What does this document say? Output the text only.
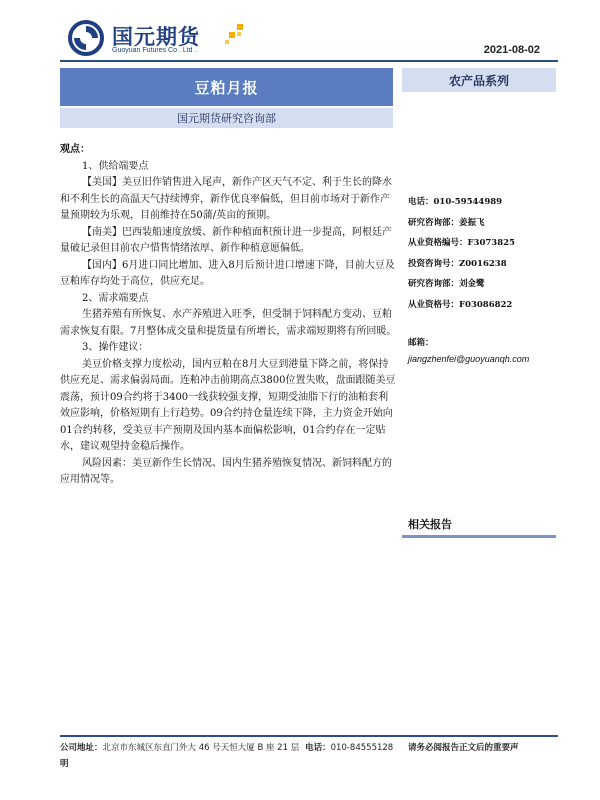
国元期货
Guoyuan Futures Co . Ltd .	2021-08-02
豆粕月报
国元期货研究咨询部
农产品系列

观点：

1、供给端要点

【美国】美豆旧作销售进入尾声，新作产区天气不定、利于生长的降水和不利生长的高温天气持续博弈，新作优良率偏低，但目前市场对于新作产量预期较为乐观，目前维持在50蒲/英亩的预期。

【南美】巴西装船速度放缓、新作种植面积预计进一步提高，阿根廷产量破记录但目前农户惜售情绪浓厚、新作种植意愿偏低。

【国内】6月进口同比增加、进入8月后预计进口增速下降，目前大豆及豆粕库存均处于高位，供应充足。

2、需求端要点

生猪养殖有所恢复、水产养殖进入旺季，但受制于饲料配方变动、豆粕需求恢复有限。7月整体成交量和提货量有所增长，需求端短期将有所回暖。

3、操作建议：

美豆价格支撑力度松动，国内豆粕在8月大豆到港量下降之前，将保持供应充足、需求偏弱局面。连粕冲击前期高点3800位置失败，盘面跟随美豆震荡，预计09合约将于3400一线获较强支撑，短期受油脂下行的油粕套利效应影响，价格短期有上行趋势。09合约持仓量连续下降，主力资金开始向01合约转移，受美豆丰产预期及国内基本面偏松影响，01合约存在一定贴水，建议观望持金稳后操作。

风险因素：美豆新作生长情况、国内生猪养殖恢复情况、新饲料配方的应用情况等。

电话：010-59544989
研究咨询部：姜振飞
从业资格编号：F3073825
投资咨询号：Z0016238
研究咨询部：刘金鹭
从业资格号：F03086822
邮箱：
jiangzhenfei@guoyuanqh.com
相关报告
公司地址：北京市东城区东直门外大 46 号天恒大厦 B 座 21 层 电话：010-84555128 请务必阅报告正文后的重要声
明
